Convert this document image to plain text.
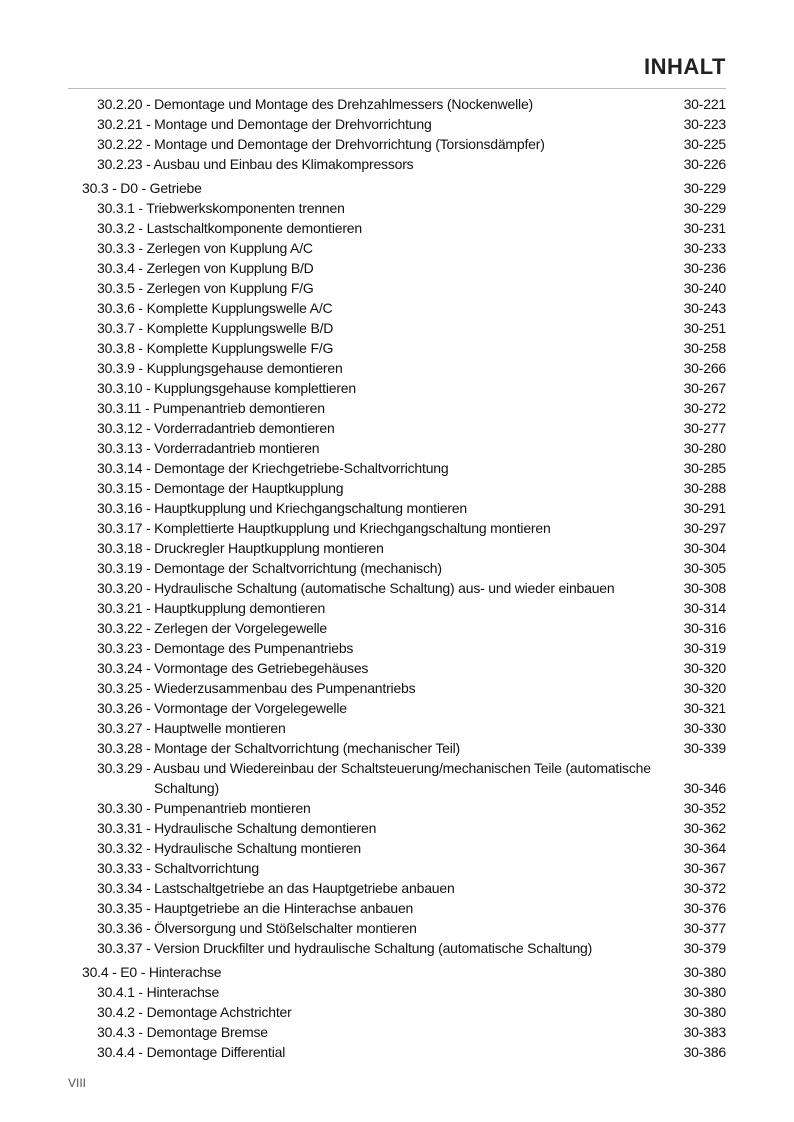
INHALT
30.2.20 - Demontage und Montage des Drehzahlmessers (Nockenwelle)	30-221
30.2.21 - Montage und Demontage der Drehvorrichtung	30-223
30.2.22 - Montage und Demontage der Drehvorrichtung (Torsionsdämpfer)	30-225
30.2.23 - Ausbau und Einbau des Klimakompressors	30-226
30.3 - D0 - Getriebe	30-229
30.3.1 - Triebwerkskomponenten trennen	30-229
30.3.2 - Lastschaltkomponente demontieren	30-231
30.3.3 - Zerlegen von Kupplung A/C	30-233
30.3.4 - Zerlegen von Kupplung B/D	30-236
30.3.5 - Zerlegen von Kupplung F/G	30-240
30.3.6 - Komplette Kupplungswelle A/C	30-243
30.3.7 - Komplette Kupplungswelle B/D	30-251
30.3.8 - Komplette Kupplungswelle F/G	30-258
30.3.9 - Kupplungsgehause demontieren	30-266
30.3.10 - Kupplungsgehause komplettieren	30-267
30.3.11 - Pumpenantrieb demontieren	30-272
30.3.12 - Vorderradantrieb demontieren	30-277
30.3.13 - Vorderradantrieb montieren	30-280
30.3.14 - Demontage der Kriechgetriebe-Schaltvorrichtung	30-285
30.3.15 - Demontage der Hauptkupplung	30-288
30.3.16 - Hauptkupplung und Kriechgangschaltung montieren	30-291
30.3.17 - Komplettierte Hauptkupplung und Kriechgangschaltung montieren	30-297
30.3.18 - Druckregler Hauptkupplung montieren	30-304
30.3.19 - Demontage der Schaltvorrichtung (mechanisch)	30-305
30.3.20 - Hydraulische Schaltung (automatische Schaltung) aus- und wieder einbauen	30-308
30.3.21 - Hauptkupplung demontieren	30-314
30.3.22 - Zerlegen der Vorgelegewelle	30-316
30.3.23 - Demontage des Pumpenantriebs	30-319
30.3.24 - Vormontage des Getriebegehäuses	30-320
30.3.25 - Wiederzusammenbau des Pumpenantriebs	30-320
30.3.26 - Vormontage der Vorgelegewelle	30-321
30.3.27 - Hauptwelle montieren	30-330
30.3.28 - Montage der Schaltvorrichtung (mechanischer Teil)	30-339
30.3.29 - Ausbau und Wiedereinbau der Schaltsteuerung/mechanischen Teile (automatische
Schaltung)	30-346
30.3.30 - Pumpenantrieb montieren	30-352
30.3.31 - Hydraulische Schaltung demontieren	30-362
30.3.32 - Hydraulische Schaltung montieren	30-364
30.3.33 - Schaltvorrichtung	30-367
30.3.34 - Lastschaltgetriebe an das Hauptgetriebe anbauen	30-372
30.3.35 - Hauptgetriebe an die Hinterachse anbauen	30-376
30.3.36 - Ölversorgung und Stößelschalter montieren	30-377
30.3.37 - Version Druckfilter und hydraulische Schaltung (automatische Schaltung)	30-379
30.4 - E0 - Hinterachse	30-380
30.4.1 - Hinterachse	30-380
30.4.2 - Demontage Achstrichter	30-380
30.4.3 - Demontage Bremse	30-383
30.4.4 - Demontage Differential	30-386
VIII
